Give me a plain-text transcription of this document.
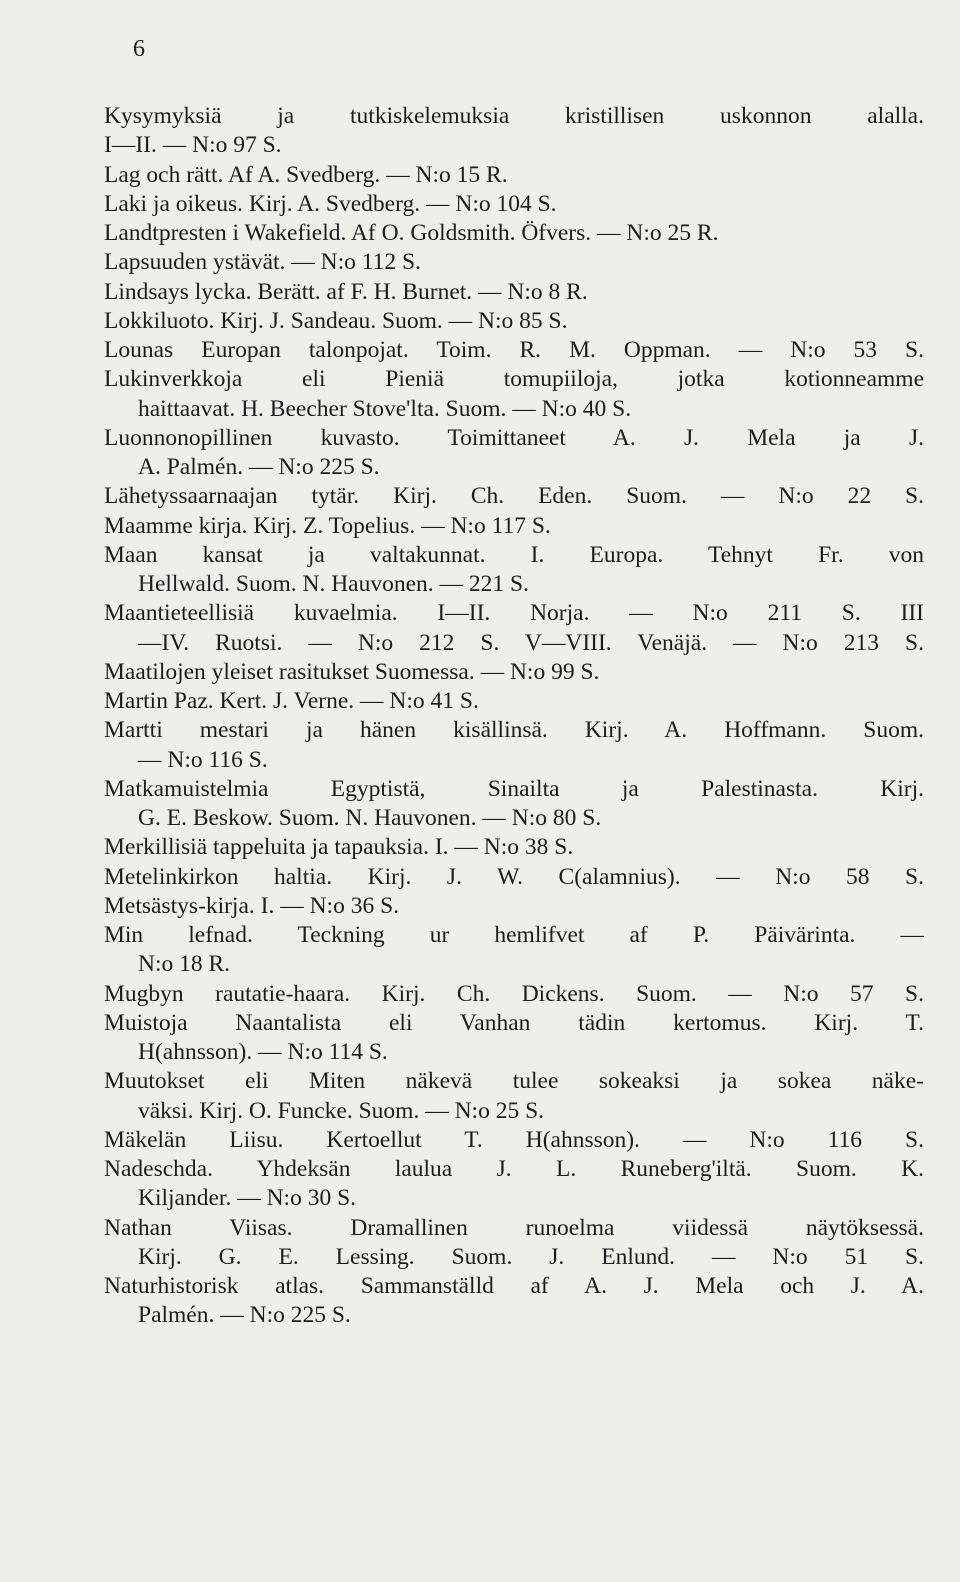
6
Kysymyksiä ja tutkiskelemuksia kristillisen uskonnon alalla.
I—II. — N:o 97 S.
Lag och rätt. Af A. Svedberg. — N:o 15 R.
Laki ja oikeus. Kirj. A. Svedberg. — N:o 104 S.
Landtpresten i Wakefield. Af O. Goldsmith. Öfvers. — N:o 25 R.
Lapsuuden ystävät. — N:o 112 S.
Lindsays lycka. Berätt. af F. H. Burnet. — N:o 8 R.
Lokkiluoto. Kirj. J. Sandeau. Suom. — N:o 85 S.
Lounas Europan talonpojat. Toim. R. M. Oppman. — N:o 53 S.
Lukinverkkoja eli Pieniä tomupiiloja, jotka kotionneamme
haittaavat. H. Beecher Stove'lta. Suom. — N:o 40 S.
Luonnonopillinen kuvasto. Toimittaneet A. J. Mela ja J.
A. Palmén. — N:o 225 S.
Lähetyssaarnaajan tytär. Kirj. Ch. Eden. Suom. — N:o 22 S.
Maamme kirja. Kirj. Z. Topelius. — N:o 117 S.
Maan kansat ja valtakunnat. I. Europa. Tehnyt Fr. von
Hellwald. Suom. N. Hauvonen. — 221 S.
Maantieteellisiä kuvaelmia. I—II. Norja. — N:o 211 S. III
—IV. Ruotsi. — N:o 212 S. V—VIII. Venäjä. — N:o 213 S.
Maatilojen yleiset rasitukset Suomessa. — N:o 99 S.
Martin Paz. Kert. J. Verne. — N:o 41 S.
Martti mestari ja hänen kisällinsä. Kirj. A. Hoffmann. Suom.
— N:o 116 S.
Matkamuistelmia Egyptistä, Sinailta ja Palestinasta. Kirj.
G. E. Beskow. Suom. N. Hauvonen. — N:o 80 S.
Merkillisiä tappeluita ja tapauksia. I. — N:o 38 S.
Metelinkirkon haltia. Kirj. J. W. C(alamnius). — N:o 58 S.
Metsästys-kirja. I. — N:o 36 S.
Min lefnad. Teckning ur hemlifvet af P. Päivärinta. —
N:o 18 R.
Mugbyn rautatie-haara. Kirj. Ch. Dickens. Suom. — N:o 57 S.
Muistoja Naantalista eli Vanhan tädin kertomus. Kirj. T.
H(ahnsson). — N:o 114 S.
Muutokset eli Miten näkevä tulee sokeaksi ja sokea näke-
väksi. Kirj. O. Funcke. Suom. — N:o 25 S.
Mäkelän Liisu. Kertoellut T. H(ahnsson). — N:o 116 S.
Nadeschda. Yhdeksän laulua J. L. Runeberg'iltä. Suom. K.
Kiljander. — N:o 30 S.
Nathan Viisas. Dramallinen runoelma viidessä näytöksessä.
Kirj. G. E. Lessing. Suom. J. Enlund. — N:o 51 S.
Naturhistorisk atlas. Sammanställd af A. J. Mela och J. A.
Palmén. — N:o 225 S.
